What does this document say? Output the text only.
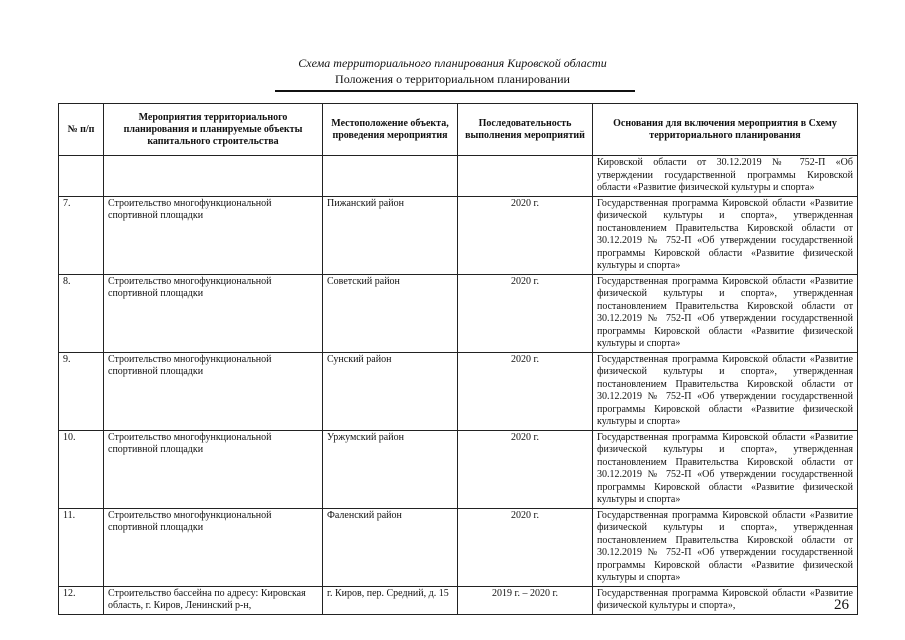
Схема территориального планирования Кировской области
Положения о территориальном планировании
№ п/п	Мероприятия территориального планирования и планируемые объекты капитального строительства	Местоположение объекта, проведения мероприятия	Последовательность выполнения мероприятий	Основания для включения мероприятия в Схему территориального планирования
				Кировской области от 30.12.2019 № 752-П «Об утверждении государственной программы Кировской области «Развитие физической культуры и спорта»
7.	Строительство многофункциональной спортивной площадки	Пижанский район	2020 г.	Государственная программа Кировской области «Развитие физической культуры и спорта», утвержденная постановлением Правительства Кировской области от 30.12.2019 № 752-П «Об утверждении государственной программы Кировской области «Развитие физической культуры и спорта»
8.	Строительство многофункциональной спортивной площадки	Советский район	2020 г.	Государственная программа Кировской области «Развитие физической культуры и спорта», утвержденная постановлением Правительства Кировской области от 30.12.2019 № 752-П «Об утверждении государственной программы Кировской области «Развитие физической культуры и спорта»
9.	Строительство многофункциональной спортивной площадки	Сунский район	2020 г.	Государственная программа Кировской области «Развитие физической культуры и спорта», утвержденная постановлением Правительства Кировской области от 30.12.2019 № 752-П «Об утверждении государственной программы Кировской области «Развитие физической культуры и спорта»
10.	Строительство многофункциональной спортивной площадки	Уржумский район	2020 г.	Государственная программа Кировской области «Развитие физической культуры и спорта», утвержденная постановлением Правительства Кировской области от 30.12.2019 № 752-П «Об утверждении государственной программы Кировской области «Развитие физической культуры и спорта»
11.	Строительство многофункциональной спортивной площадки	Фаленский район	2020 г.	Государственная программа Кировской области «Развитие физической культуры и спорта», утвержденная постановлением Правительства Кировской области от 30.12.2019 № 752-П «Об утверждении государственной программы Кировской области «Развитие физической культуры и спорта»
12.	Строительство бассейна по адресу: Кировская область, г. Киров, Ленинский р-н,	г. Киров, пер. Средний, д. 15	2019 г. – 2020 г.	Государственная программа Кировской области «Развитие физической культуры и спорта»,	26
